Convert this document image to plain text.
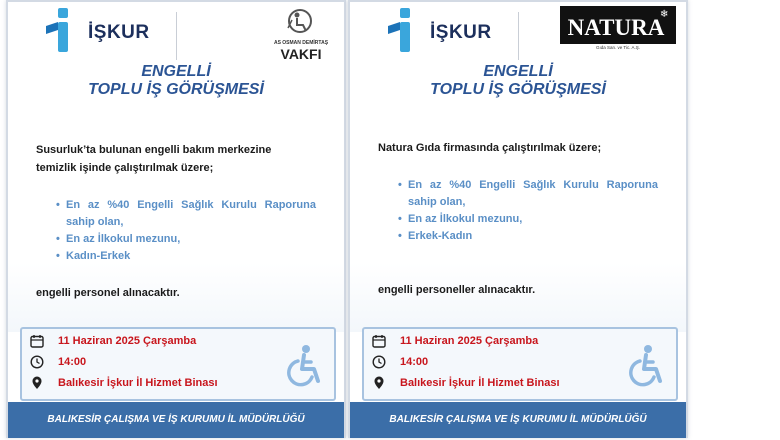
İŞKUR	AS OSMAN DEMİRTAŞ
VAKFI
ENGELLİ
TOPLU İŞ GÖRÜŞMESİ
Susurluk’ta bulunan engelli bakım merkezine
temizlik işinde çalıştırılmak üzere;
• En az %40 Engelli Sağlık Kurulu Raporuna sahip olan,
• En az İlkokul mezunu,
• Kadın-Erkek
engelli personel alınacaktır.
11 Haziran 2025 Çarşamba
14:00
Balıkesir İşkur İl Hizmet Binası
BALIKESİR ÇALIŞMA VE İŞ KURUMU İL MÜDÜRLÜĞÜ
İŞKUR	NATURA
❄
Gıda San. ve Tic. A.Ş.
ENGELLİ
TOPLU İŞ GÖRÜŞMESİ
Natura Gıda firmasında çalıştırılmak üzere;
• En az %40 Engelli Sağlık Kurulu Raporuna sahip olan,
• En az İlkokul mezunu,
• Erkek-Kadın
engelli personeller alınacaktır.
11 Haziran 2025 Çarşamba
14:00
Balıkesir İşkur İl Hizmet Binası
BALIKESİR ÇALIŞMA VE İŞ KURUMU İL MÜDÜRLÜĞÜ
